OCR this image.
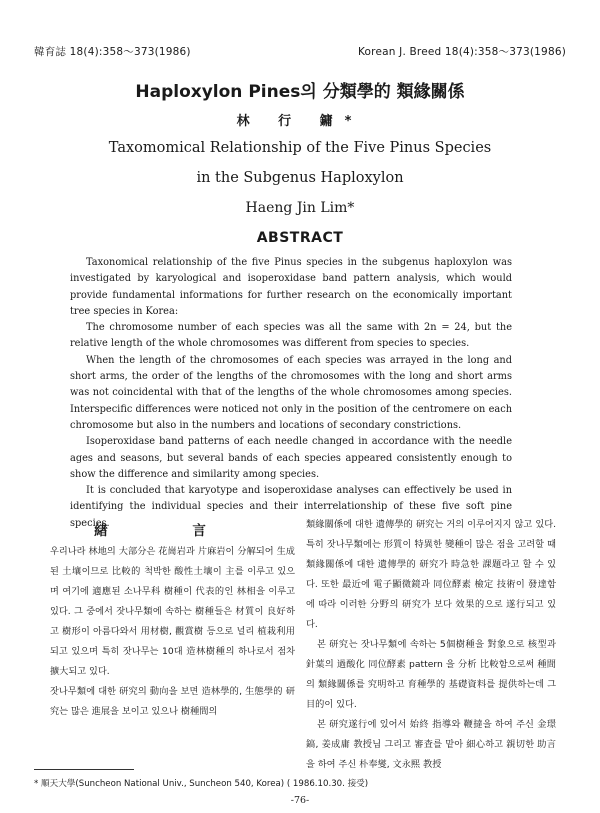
韓育誌 18(4):358～373(1986)	Korean J. Breed 18(4):358～373(1986)
Haploxylon Pines의 分類學的 類緣關係
林 行 鏞*
Taxomomical Relationship of the Five Pinus Species
in the Subgenus Haploxylon
Haeng Jin Lim*
ABSTRACT

Taxonomical relationship of the five Pinus species in the subgenus haploxylon was investigated by karyological and isoperoxidase band pattern analysis, which would provide fundamental informations for further research on the economically important tree species in Korea:

The chromosome number of each species was all the same with 2n = 24, but the relative length of the whole chromosomes was different from species to species.

When the length of the chromosomes of each species was arrayed in the long and short arms, the order of the lengths of the chromosomes with the long and short arms was not coincidental with that of the lengths of the whole chromosomes among species. Interspecific differences were noticed not only in the position of the centromere on each chromosome but also in the numbers and locations of secondary constrictions.

Isoperoxidase band patterns of each needle changed in accordance with the needle ages and seasons, but several bands of each species appeared consistently enough to show the difference and similarity among species.

It is concluded that karyotype and isoperoxidase analyses can effectively be used in identifying the individual species and their interrelationship of these five soft pine species.

緖 言

우리나라 林地의 大部分은 花崗岩과 片麻岩이 分解되어 生成된 土壤이므로 比較的 척박한 酸性土壤이 主를 이루고 있으며 여기에 適應된 소나무科 樹種이 代表的인 林相을 이루고 있다. 그 중에서 잣나무類에 속하는 樹種들은 材質이 良好하고 樹形이 아름다와서 用材樹, 觀賞樹 등으로 널리 植栽利用되고 있으며 특히 잣나무는 10대 造林樹種의 하나로서 점차 擴大되고 있다.

잣나무類에 대한 研究의 動向을 보면 造林學的, 生態學的 研究는 많은 進展을 보이고 있으나 樹種間의

類緣關係에 대한 遺傳學的 研究는 거의 이루어지지 않고 있다. 특히 잣나무類에는 形質이 特異한 變種이 많은 점을 고려할 때 類緣關係에 대한 遺傳學的 研究가 時急한 課題라고 할 수 있다. 또한 最近에 電子顯微鏡과 同位酵素 檢定 技術이 發達함에 따라 이러한 分野의 研究가 보다 效果的으로 遂行되고 있다.

본 研究는 잣나무類에 속하는 5個樹種을 對象으로 核型과 針葉의 過酸化 同位酵素 pattern 을 分析 比較함으로써 種間의 類緣關係를 究明하고 育種學的 基礎資料를 提供하는데 그 目的이 있다.

본 研究遂行에 있어서 始終 指導와 鞭撻을 하여 주신 金璟鎬, 姜成庸 教授님 그리고 審査를 맡아 細心하고 親切한 助言을 하여 주신 朴奉燮, 文永熙 教授

* 順天大學(Suncheon National Univ., Suncheon 540, Korea) ( 1986.10.30. 接受)
-76-
